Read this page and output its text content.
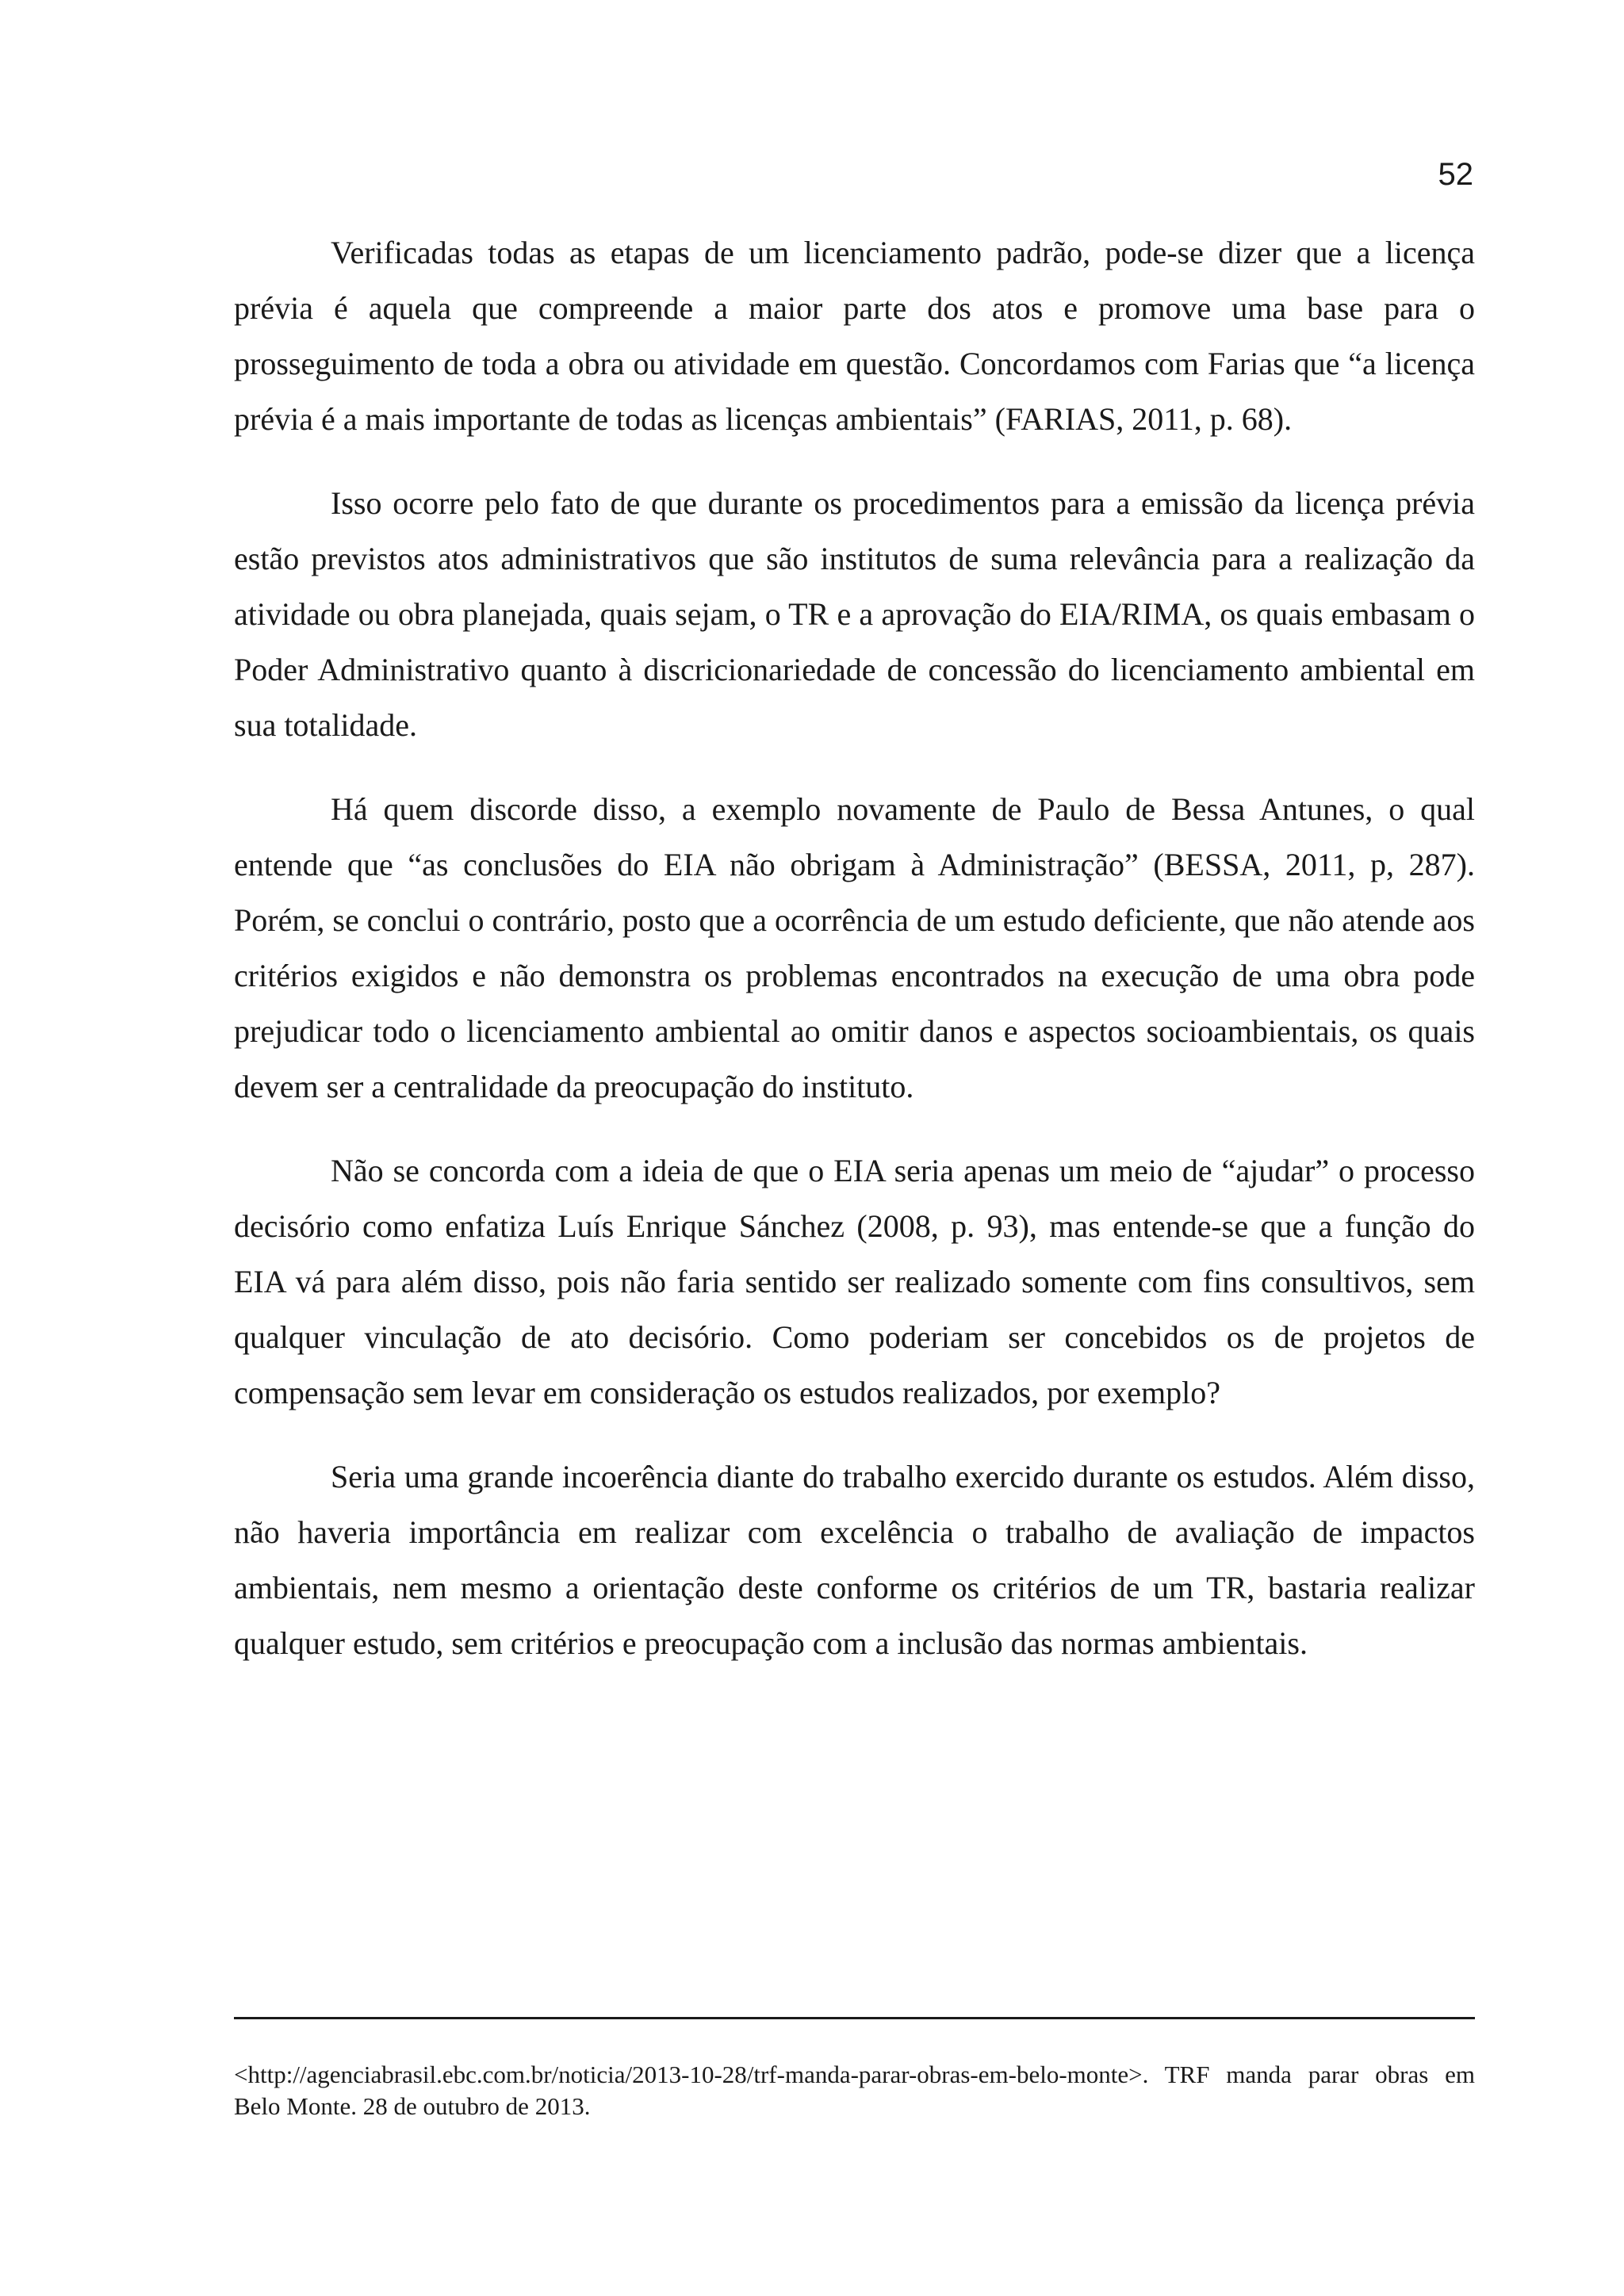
52

Verificadas todas as etapas de um licenciamento padrão, pode-se dizer que a licença prévia é aquela que compreende a maior parte dos atos e promove uma base para o prosseguimento de toda a obra ou atividade em questão. Concordamos com Farias que “a licença prévia é a mais importante de todas as licenças ambientais” (FARIAS, 2011, p. 68).

Isso ocorre pelo fato de que durante os procedimentos para a emissão da licença prévia estão previstos atos administrativos que são institutos de suma relevância para a realização da atividade ou obra planejada, quais sejam, o TR e a aprovação do EIA/RIMA, os quais embasam o Poder Administrativo quanto à discricionariedade de concessão do licenciamento ambiental em sua totalidade.

Há quem discorde disso, a exemplo novamente de Paulo de Bessa Antunes, o qual entende que “as conclusões do EIA não obrigam à Administração” (BESSA, 2011, p, 287). Porém, se conclui o contrário, posto que a ocorrência de um estudo deficiente, que não atende aos critérios exigidos e não demonstra os problemas encontrados na execução de uma obra pode prejudicar todo o licenciamento ambiental ao omitir danos e aspectos socioambientais, os quais devem ser a centralidade da preocupação do instituto.

Não se concorda com a ideia de que o EIA seria apenas um meio de “ajudar” o processo decisório como enfatiza Luís Enrique Sánchez (2008, p. 93), mas entende-se que a função do EIA vá para além disso, pois não faria sentido ser realizado somente com fins consultivos, sem qualquer vinculação de ato decisório. Como poderiam ser concebidos os de projetos de compensação sem levar em consideração os estudos realizados, por exemplo?

Seria uma grande incoerência diante do trabalho exercido durante os estudos. Além disso, não haveria importância em realizar com excelência o trabalho de avaliação de impactos ambientais, nem mesmo a orientação deste conforme os critérios de um TR, bastaria realizar qualquer estudo, sem critérios e preocupação com a inclusão das normas ambientais.

<http://agenciabrasil.ebc.com.br/noticia/2013-10-28/trf-manda-parar-obras-em-belo-monte>. TRF manda parar obras em Belo Monte. 28 de outubro de 2013.
